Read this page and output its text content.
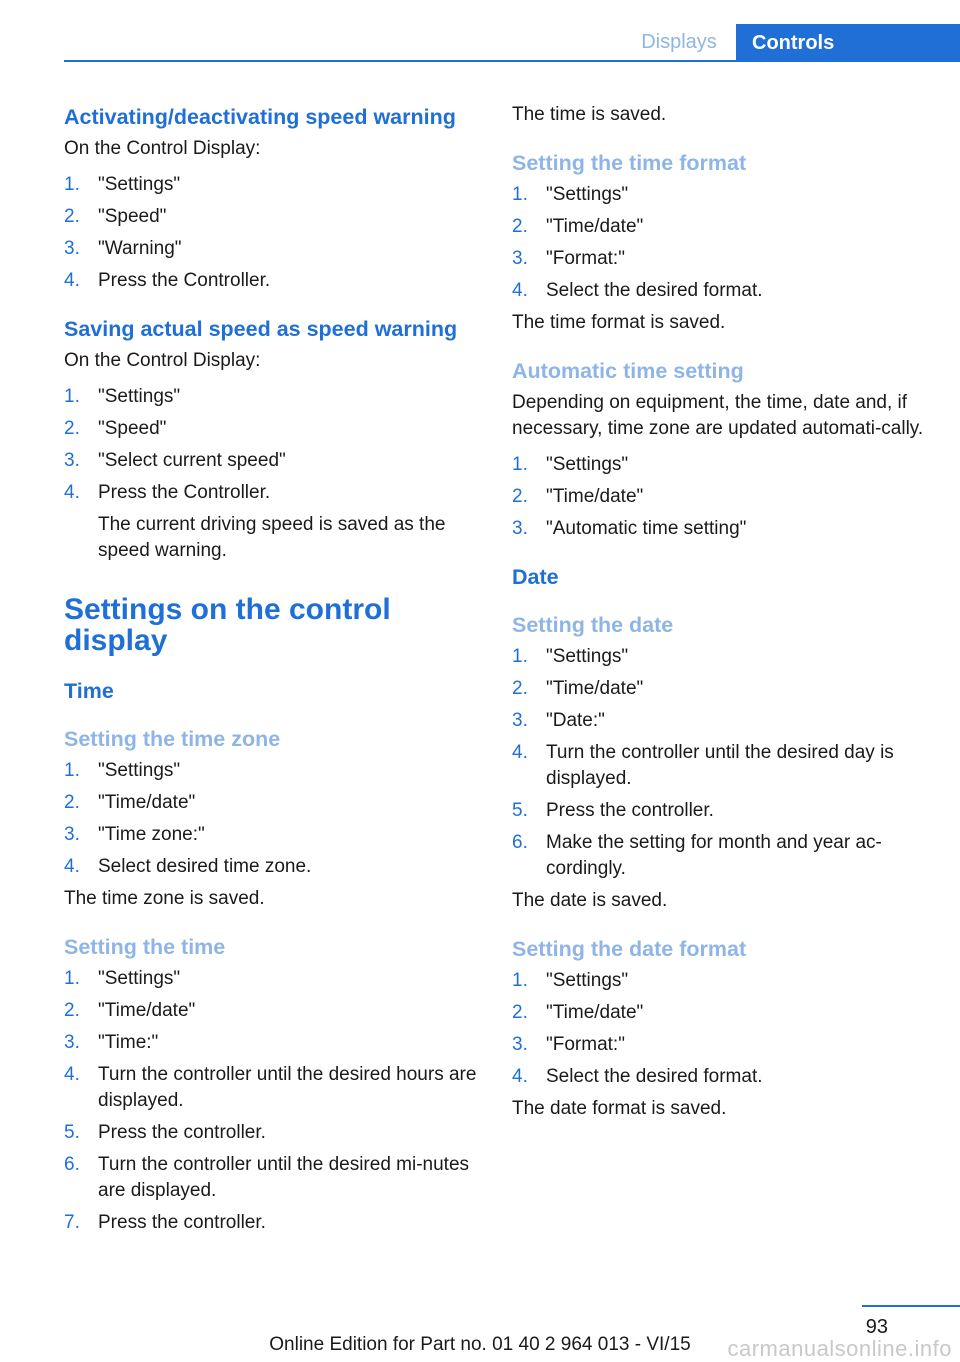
Displays	Controls
Activating/deactivating speed warning

On the Control Display:

1. "Settings"
2. "Speed"
3. "Warning"
4. Press the Controller.
Saving actual speed as speed warning

On the Control Display:

1. "Settings"
2. "Speed"
3. "Select current speed"
4. Press the Controller.
The current driving speed is saved as the speed warning.
Settings on the control display
Time
Setting the time zone
1. "Settings"
2. "Time/date"
3. "Time zone:"
4. Select desired time zone.

The time zone is saved.

Setting the time
1. "Settings"
2. "Time/date"
3. "Time:"
4. Turn the controller until the desired hours are displayed.
5. Press the controller.
6. Turn the controller until the desired mi‐nutes are displayed.
7. Press the controller.

The time is saved.

Setting the time format
1. "Settings"
2. "Time/date"
3. "Format:"
4. Select the desired format.

The time format is saved.

Automatic time setting

Depending on equipment, the time, date and, if necessary, time zone are updated automati‐cally.

1. "Settings"
2. "Time/date"
3. "Automatic time setting"
Date
Setting the date
1. "Settings"
2. "Time/date"
3. "Date:"
4. Turn the controller until the desired day is displayed.
5. Press the controller.
6. Make the setting for month and year ac‐cordingly.

The date is saved.

Setting the date format
1. "Settings"
2. "Time/date"
3. "Format:"
4. Select the desired format.

The date format is saved.

93
Online Edition for Part no. 01 40 2 964 013 - VI/15	carmanualsonline.info
